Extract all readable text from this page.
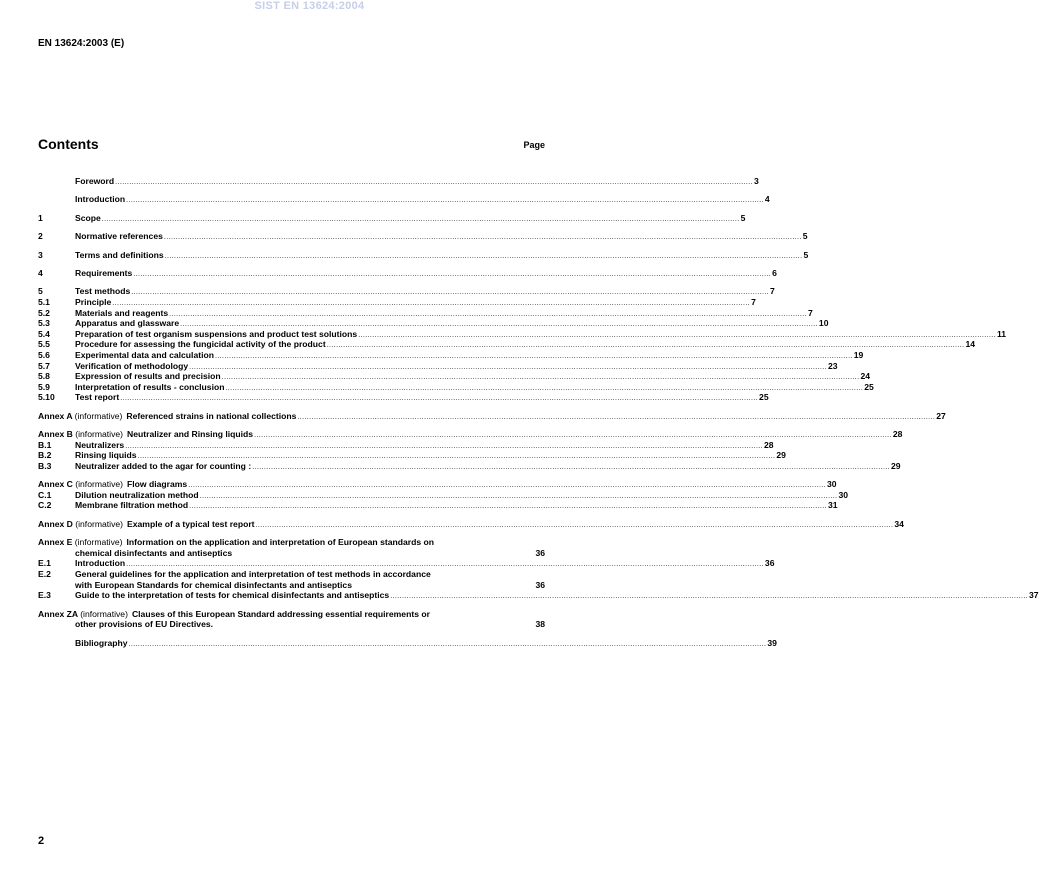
SIST EN 13624:2004
EN 13624:2003 (E)
Contents	Page
Foreword .....	3
Introduction .....	4
1	Scope .....	5
2	Normative references .....	5
3	Terms and definitions .....	5
4	Requirements .....	6
5	Test methods .....	7
5.1	Principle .....	7
5.2	Materials and reagents .....	7
5.3	Apparatus and glassware .....	10
5.4	Preparation of test organism suspensions and product test solutions .....	11
5.5	Procedure for assessing the fungicidal activity of the product .....	14
5.6	Experimental data and calculation .....	19
5.7	Verification of methodology .....	23
5.8	Expression of results and precision .....	24
5.9	Interpretation of results - conclusion .....	25
5.10	Test report .....	25
Annex A (informative) Referenced strains in national collections .....	27
Annex B (informative) Neutralizer and Rinsing liquids .....	28
B.1	Neutralizers .....	28
B.2	Rinsing liquids .....	29
B.3	Neutralizer added to the agar for counting : .....	29
Annex C (informative) Flow diagrams .....	30
C.1	Dilution neutralization method .....	30
C.2	Membrane filtration method .....	31
Annex D (informative) Example of a typical test report .....	34
Annex E (informative) Information on the application and interpretation of European standards on
chemical disinfectants and antiseptics	36
E.1	Introduction .....	36
E.2	General guidelines for the application and interpretation of test methods in accordance
with European Standards for chemical disinfectants and antiseptics	36
E.3	Guide to the interpretation of tests for chemical disinfectants and antiseptics .....	37
Annex ZA (informative) Clauses of this European Standard addressing essential requirements or
other provisions of EU Directives.	38
Bibliography .....	39
2
